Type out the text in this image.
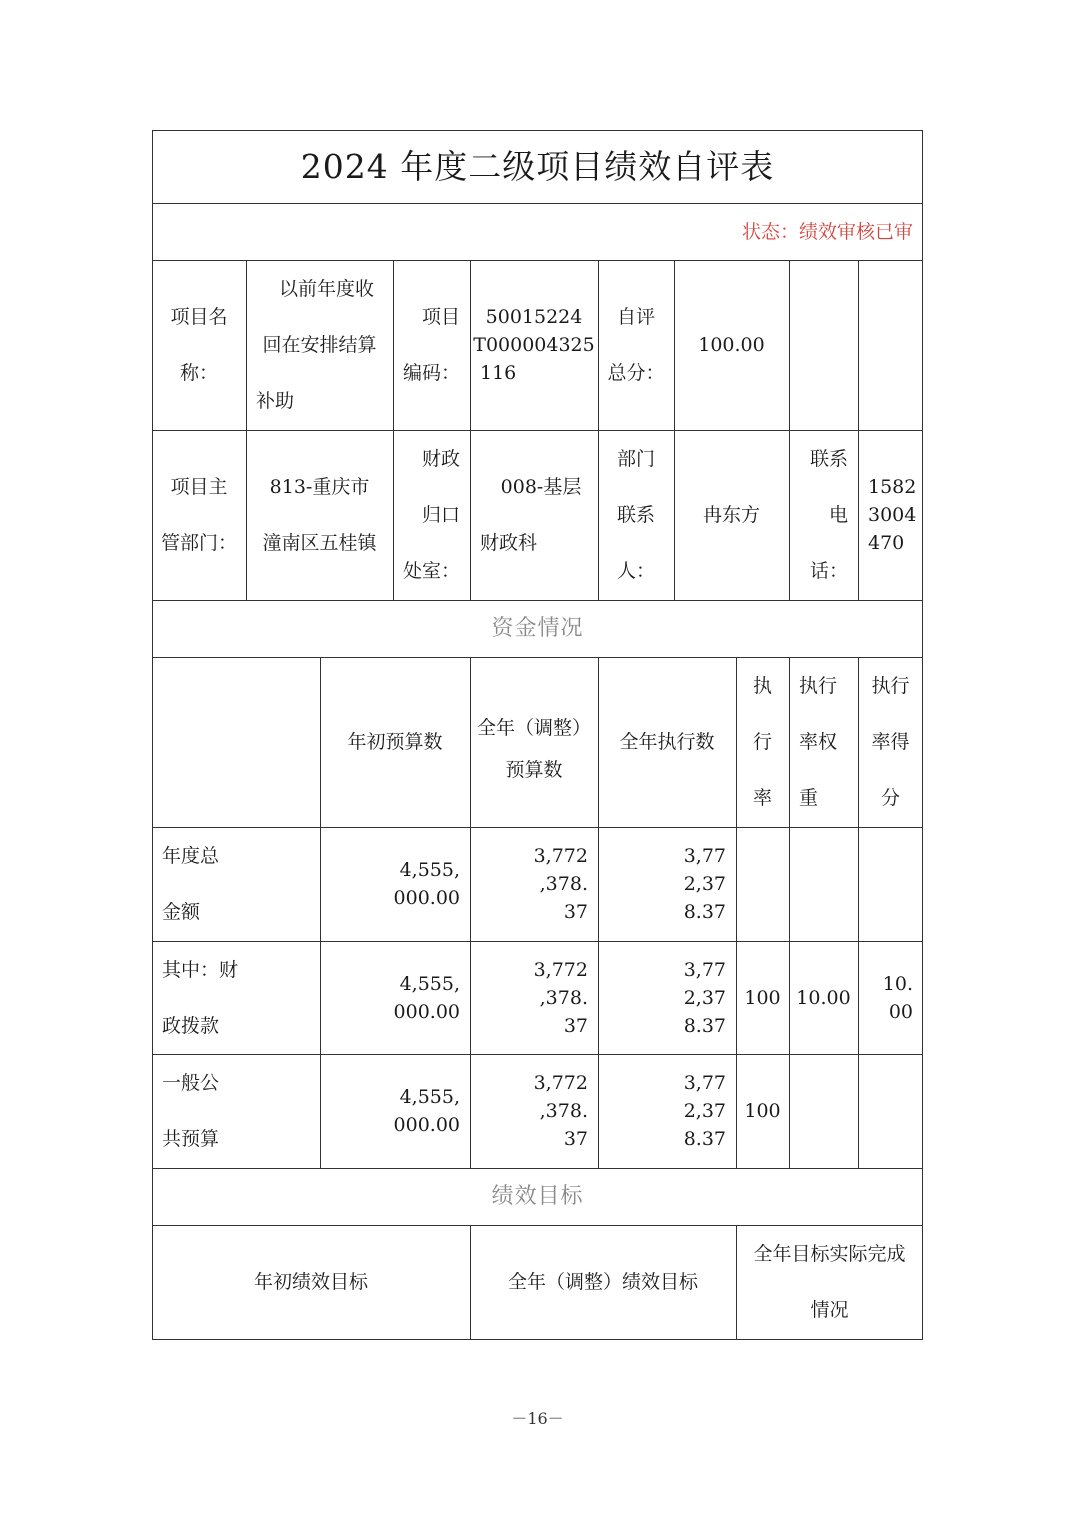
2024 年度二级项目绩效自评表
状态：绩效审核已审
项目名
称：
以前年度收
回在安排结算
补助
项目
编码：
50015224
T000004325
116
自评
总分：
100.00
项目主
管部门：
813-重庆市
潼南区五桂镇
财政
归口
处室：
008-基层
财政科
部门
联系
人：
冉东方
联系
电
话：
1582
3004
470
资金情况
年初预算数
全年（调整）
预算数
全年执行数
执
行
率
执行
率权
重
执行
率得
分
年度总
金额
4,555,
000.00
3,772
,378.
37
3,77
2,37
8.37
其中：财
政拨款
4,555,
000.00
3,772
,378.
37
3,77
2,37
8.37
100 10.00
10.
00
一般公
共预算
4,555,
000.00
3,772
,378.
37
3,77
2,37
8.37
100
绩效目标
年初绩效目标	全年（调整）绩效目标
全年目标实际完成
情况
－16－
